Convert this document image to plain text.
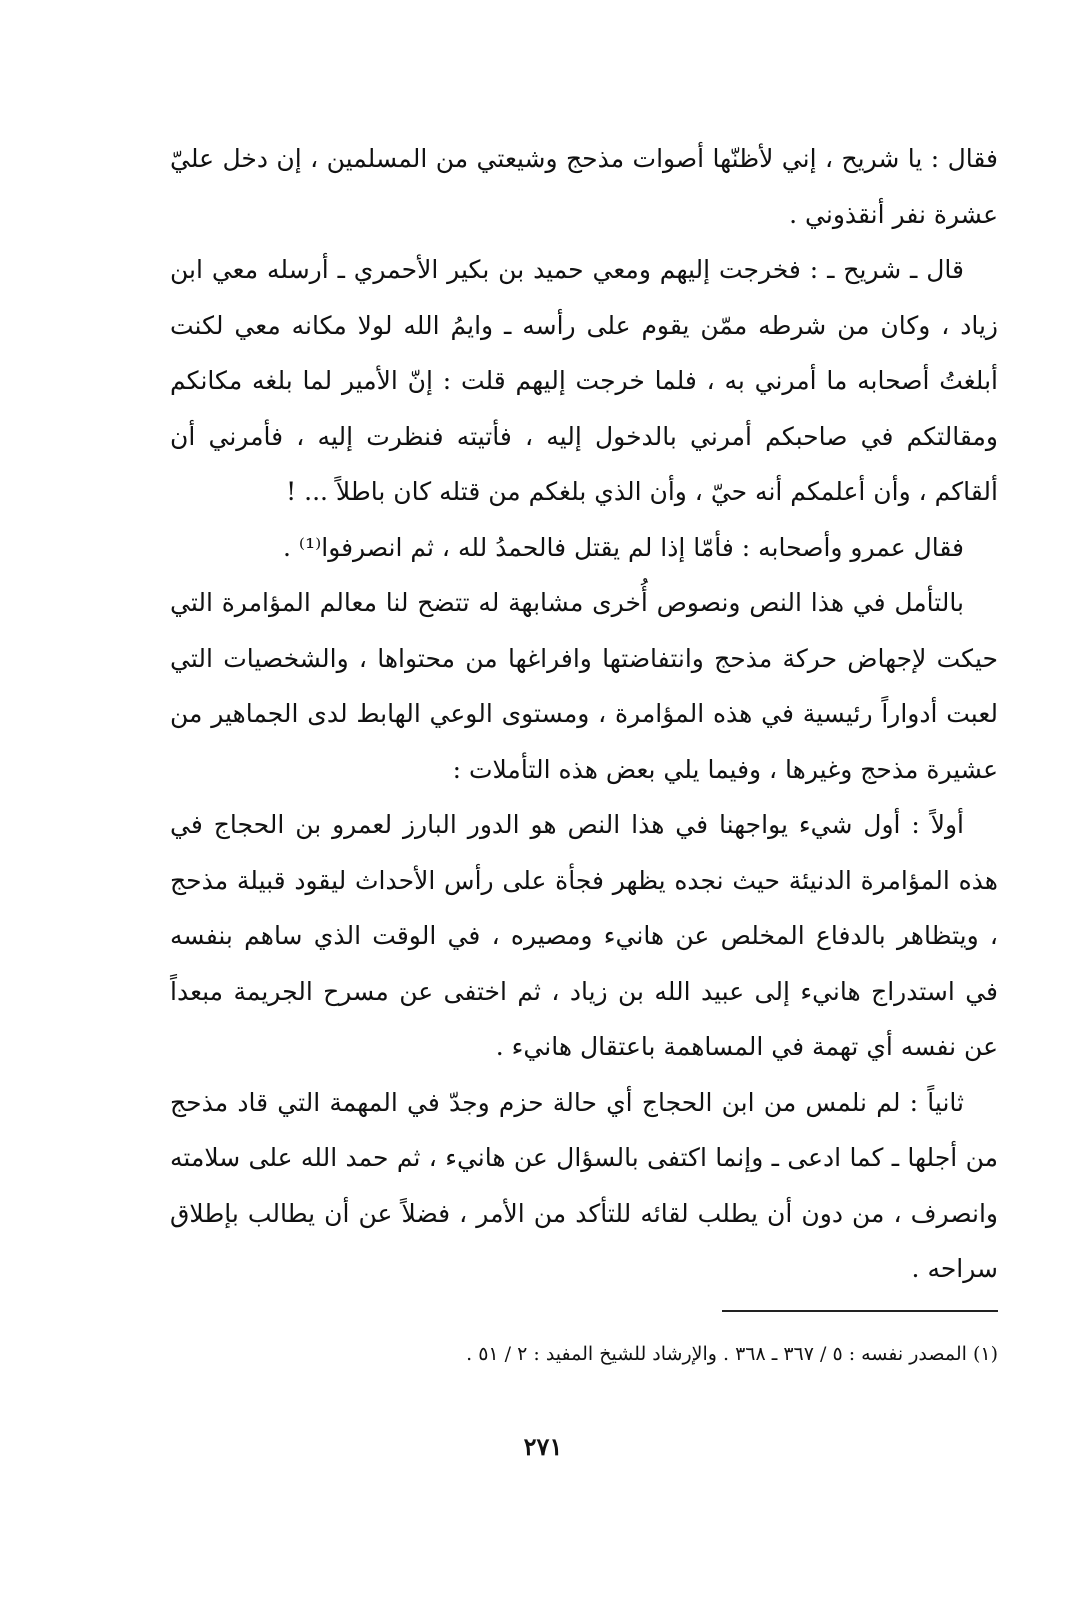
فقال : يا شريح ، إني لأظنّها أصوات مذحج وشيعتي من المسلمين ، إن دخل عليّ عشرة نفر أنقذوني .

قال ـ شريح ـ : فخرجت إليهم ومعي حميد بن بكير الأحمري ـ أرسله معي ابن زياد ، وكان من شرطه ممّن يقوم على رأسه ـ وايمُ الله لولا مكانه معي لكنت أبلغتُ أصحابه ما أمرني به ، فلما خرجت إليهم قلت : إنّ الأمير لما بلغه مكانكم ومقالتكم في صاحبكم أمرني بالدخول إليه ، فأتيته فنظرت إليه ، فأمرني أن ألقاكم ، وأن أعلمكم أنه حيّ ، وأن الذي بلغكم من قتله كان باطلاً ... !

فقال عمرو وأصحابه : فأمّا إذا لم يقتل فالحمدُ لله ، ثم انصرفوا⁽¹⁾ .

بالتأمل في هذا النص ونصوص أُخرى مشابهة له تتضح لنا معالم المؤامرة التي حيكت لإجهاض حركة مذحج وانتفاضتها وافراغها من محتواها ، والشخصيات التي لعبت أدواراً رئيسية في هذه المؤامرة ، ومستوى الوعي الهابط لدى الجماهير من عشيرة مذحج وغيرها ، وفيما يلي بعض هذه التأملات :

أولاً : أول شيء يواجهنا في هذا النص هو الدور البارز لعمرو بن الحجاج في هذه المؤامرة الدنيئة حيث نجده يظهر فجأة على رأس الأحداث ليقود قبيلة مذحج ، ويتظاهر بالدفاع المخلص عن هانيء ومصيره ، في الوقت الذي ساهم بنفسه في استدراج هانيء إلى عبيد الله بن زياد ، ثم اختفى عن مسرح الجريمة مبعداً عن نفسه أي تهمة في المساهمة باعتقال هانيء .

ثانياً : لم نلمس من ابن الحجاج أي حالة حزم وجدّ في المهمة التي قاد مذحج من أجلها ـ كما ادعى ـ وإنما اكتفى بالسؤال عن هانيء ، ثم حمد الله على سلامته وانصرف ، من دون أن يطلب لقائه للتأكد من الأمر ، فضلاً عن أن يطالب بإطلاق سراحه .

(١) المصدر نفسه : ٥ / ٣٦٧ ـ ٣٦٨ . والإرشاد للشيخ المفيد : ٢ / ٥١ .
٢٧١
